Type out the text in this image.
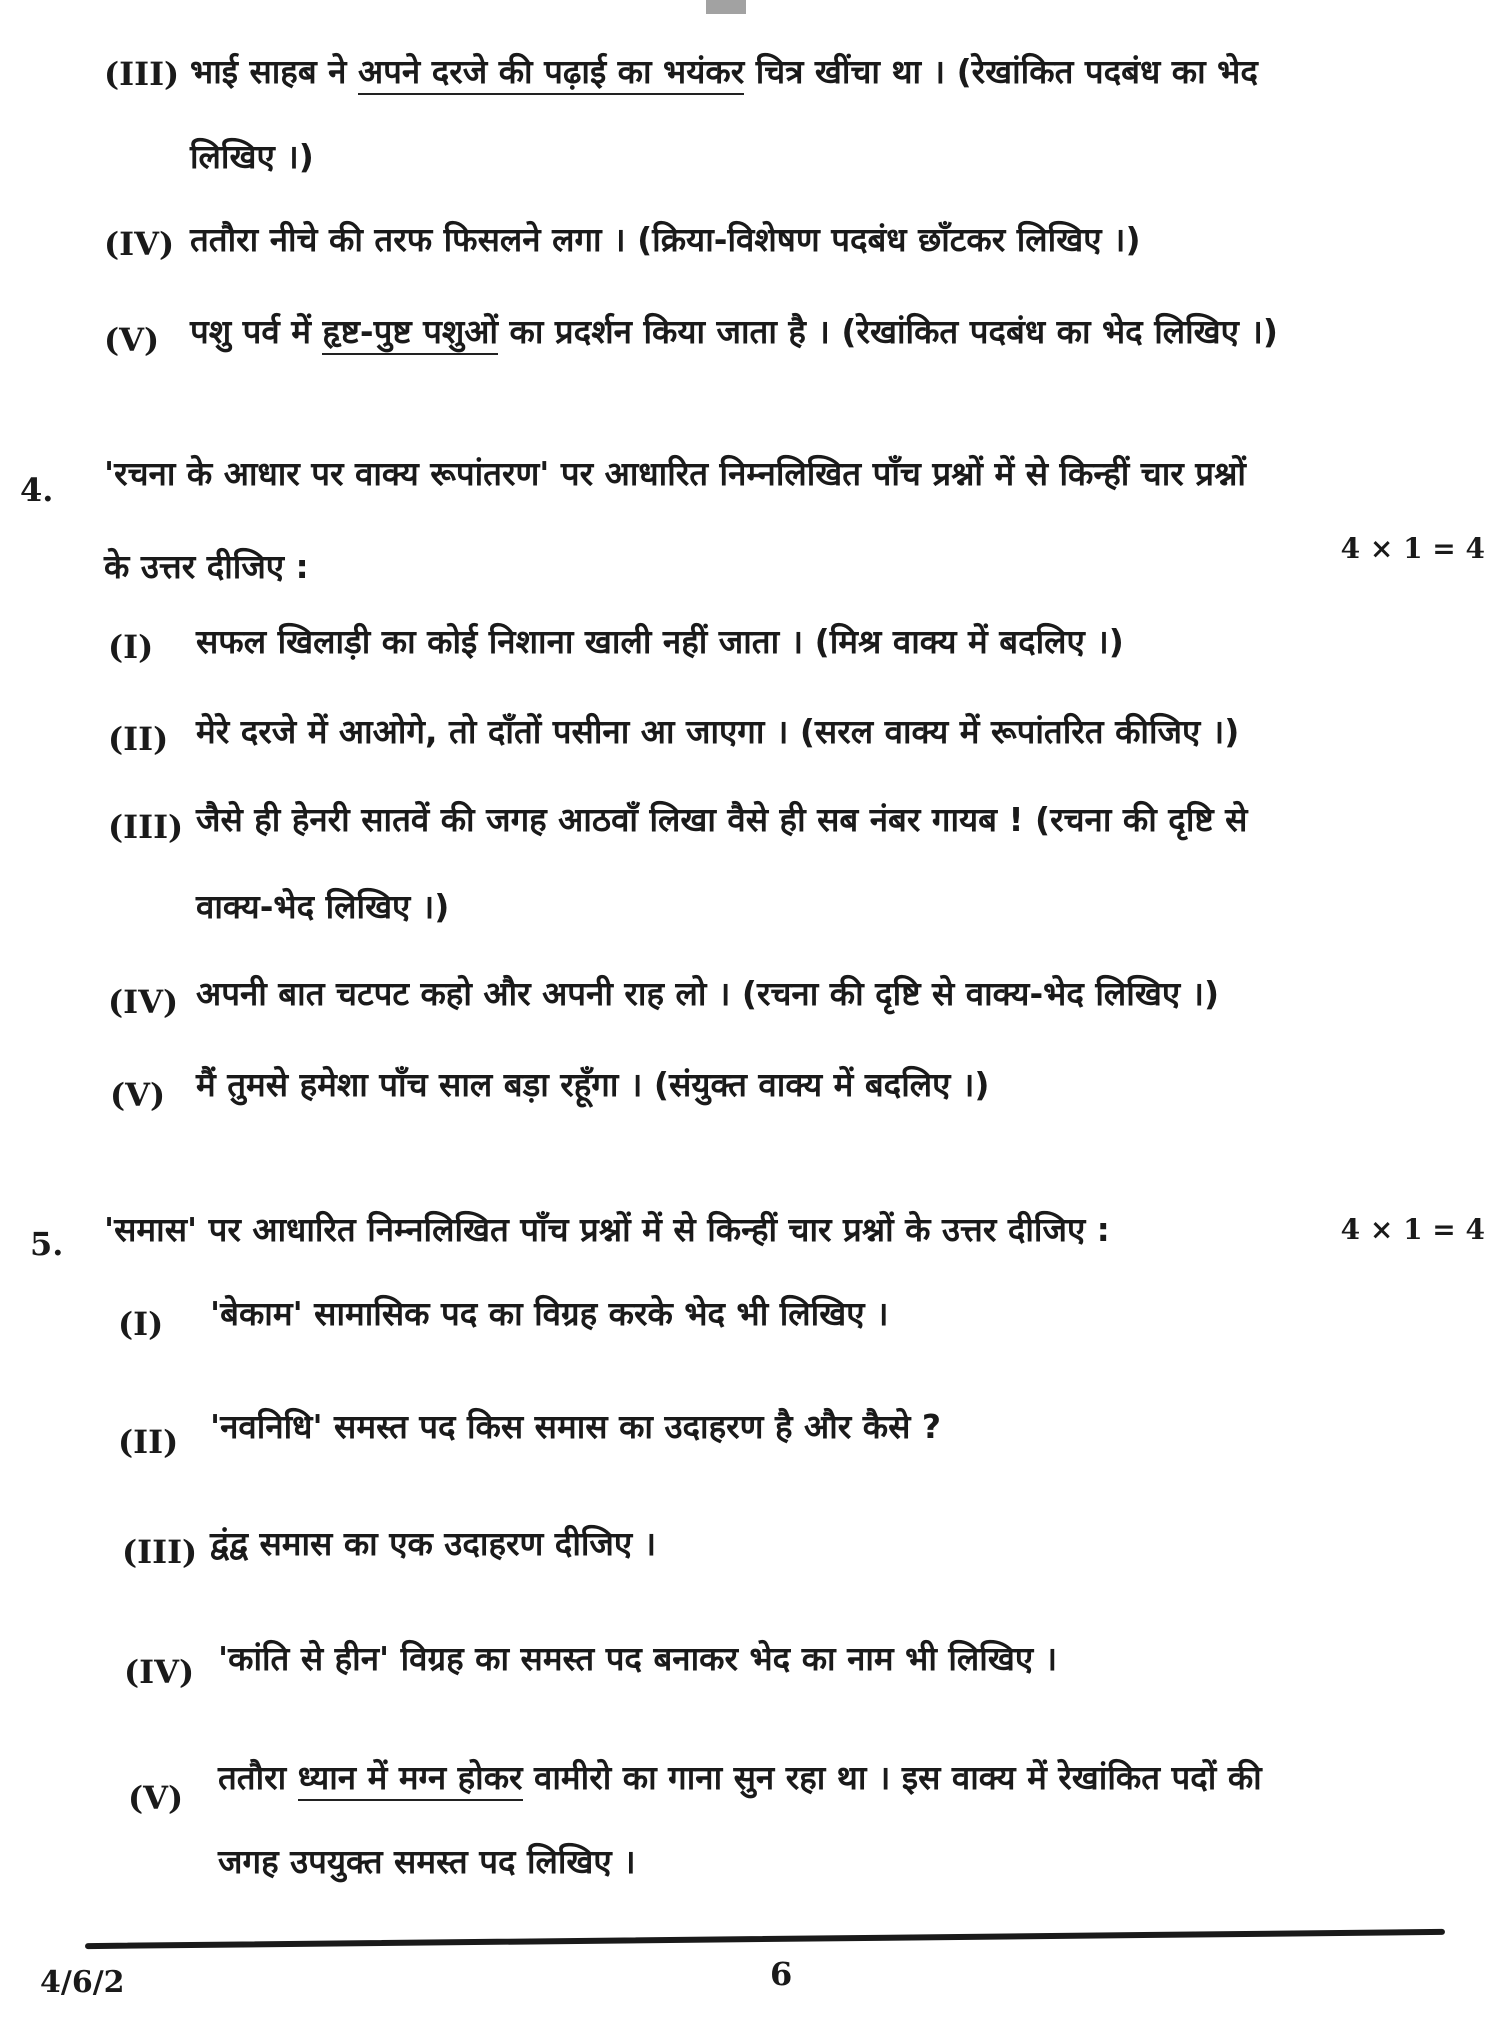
(III) भाई साहब ने अपने दरजे की पढ़ाई का भयंकर चित्र खींचा था । (रेखांकित पदबंध का भेद
लिखिए ।)
(IV) ततौरा नीचे की तरफ फिसलने लगा । (क्रिया-विशेषण पदबंध छाँटकर लिखिए ।)
(V) पशु पर्व में हृष्ट-पुष्ट पशुओं का प्रदर्शन किया जाता है । (रेखांकित पदबंध का भेद लिखिए ।)
4. 'रचना के आधार पर वाक्य रूपांतरण' पर आधारित निम्नलिखित पाँच प्रश्नों में से किन्हीं चार प्रश्नों
के उत्तर दीजिए :	4 × 1 = 4
(I) सफल खिलाड़ी का कोई निशाना खाली नहीं जाता । (मिश्र वाक्य में बदलिए ।)
(II) मेरे दरजे में आओगे, तो दाँतों पसीना आ जाएगा । (सरल वाक्य में रूपांतरित कीजिए ।)
(III) जैसे ही हेनरी सातवें की जगह आठवाँ लिखा वैसे ही सब नंबर गायब ! (रचना की दृष्टि से
वाक्य-भेद लिखिए ।)
(IV) अपनी बात चटपट कहो और अपनी राह लो । (रचना की दृष्टि से वाक्य-भेद लिखिए ।)
(V) मैं तुमसे हमेशा पाँच साल बड़ा रहूँगा । (संयुक्त वाक्य में बदलिए ।)
5. 'समास' पर आधारित निम्नलिखित पाँच प्रश्नों में से किन्हीं चार प्रश्नों के उत्तर दीजिए :	4 × 1 = 4
(I) 'बेकाम' सामासिक पद का विग्रह करके भेद भी लिखिए ।
(II) 'नवनिधि' समस्त पद किस समास का उदाहरण है और कैसे ?
(III) द्वंद्व समास का एक उदाहरण दीजिए ।
(IV) 'कांति से हीन' विग्रह का समस्त पद बनाकर भेद का नाम भी लिखिए ।
(V)
ततौरा ध्यान में मग्न होकर वामीरो का गाना सुन रहा था । इस वाक्य में रेखांकित पदों की
जगह उपयुक्त समस्त पद लिखिए ।
4/6/2	6
